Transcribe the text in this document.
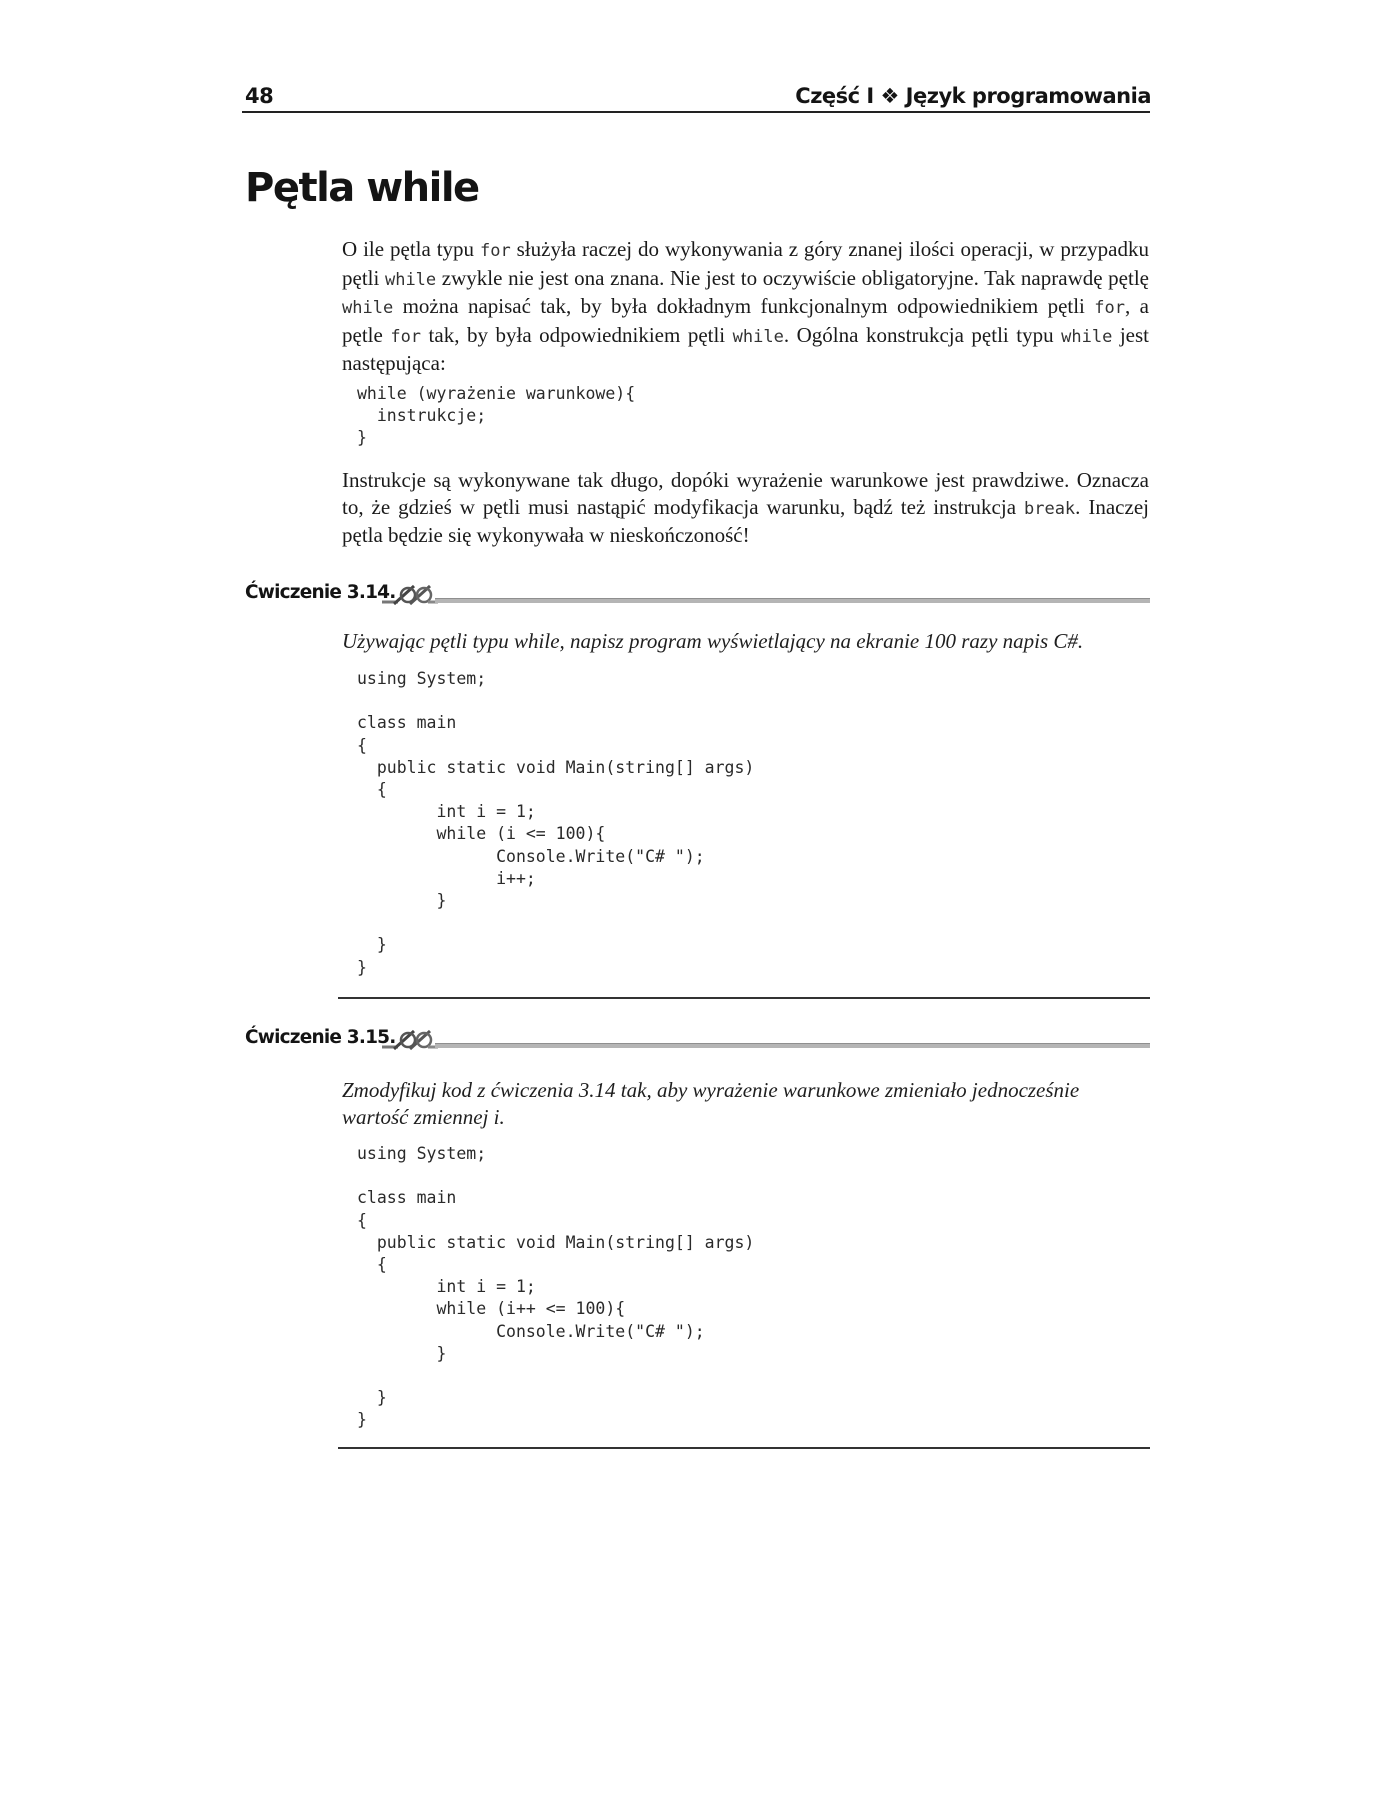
48	Część I ❖ Język programowania
Pętla while

O ile pętla typu for służyła raczej do wykonywania z góry znanej ilości operacji, w przypadku pętli while zwykle nie jest ona znana. Nie jest to oczywiście obligatoryjne. Tak naprawdę pętlę while można napisać tak, by była dokładnym funkcjonalnym odpowiednikiem pętli for, a pętle for tak, by była odpowiednikiem pętli while. Ogólna konstrukcja pętli typu while jest następująca:

while (wyrażenie warunkowe){
instrukcje;
}

Instrukcje są wykonywane tak długo, dopóki wyrażenie warunkowe jest prawdziwe. Oznacza to, że gdzieś w pętli musi nastąpić modyfikacja warunku, bądź też instrukcja break. Inaczej pętla będzie się wykonywała w nieskończoność!

Ćwiczenie 3.14.

Używając pętli typu while, napisz program wyświetlający na ekranie 100 razy napis C#.

using System;

class main
{
public static void Main(string[] args)
{
int i = 1;
while (i <= 100){
Console.Write("C# ");
i++;
}

}
}
Ćwiczenie 3.15.

Zmodyfikuj kod z ćwiczenia 3.14 tak, aby wyrażenie warunkowe zmieniało jednocześnie wartość zmiennej i.

using System;

class main
{
public static void Main(string[] args)
{
int i = 1;
while (i++ <= 100){
Console.Write("C# ");
}

}
}
